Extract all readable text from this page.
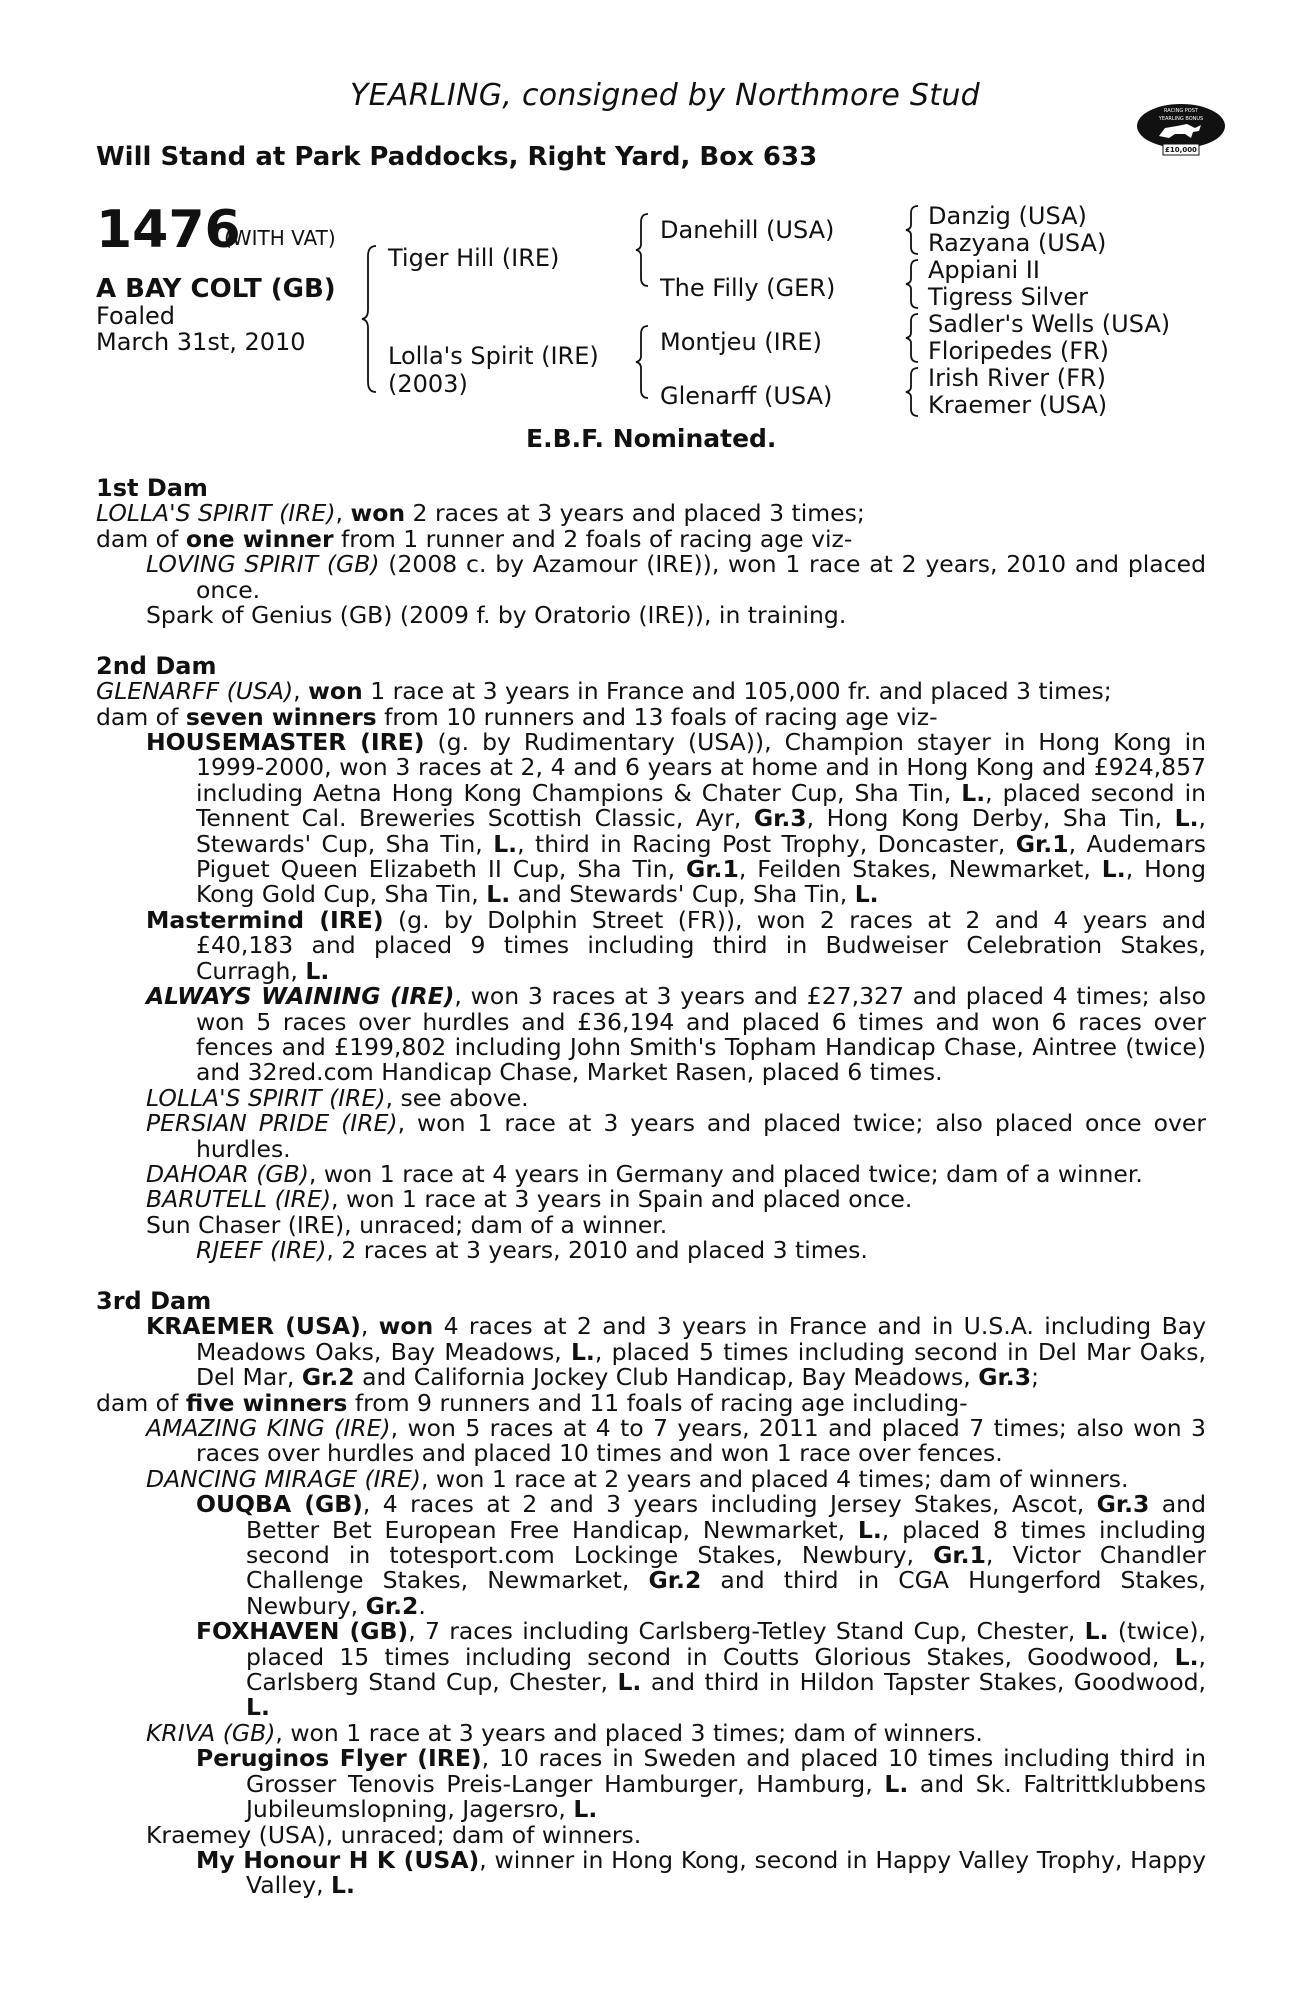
YEARLING, consigned by Northmore Stud
Will Stand at Park Paddocks, Right Yard, Box 633
RACING POST
YEARLING BONUS
£10,000
1476
(WITH VAT)
A BAY COLT (GB)
Foaled
March 31st, 2010
Tiger Hill (IRE)
Lolla's Spirit (IRE)
(2003)
Danehill (USA)
The Filly (GER)
Montjeu (IRE)
Glenarff (USA)
Danzig (USA)
Razyana (USA)
Appiani II
Tigress Silver
Sadler's Wells (USA)
Floripedes (FR)
Irish River (FR)
Kraemer (USA)
E.B.F. Nominated.

1st Dam

LOLLA'S SPIRIT (IRE), won 2 races at 3 years and placed 3 times;

dam of one winner from 1 runner and 2 foals of racing age viz-

LOVING SPIRIT (GB) (2008 c. by Azamour (IRE)), won 1 race at 2 years, 2010 and placed once.

Spark of Genius (GB) (2009 f. by Oratorio (IRE)), in training.

2nd Dam

GLENARFF (USA), won 1 race at 3 years in France and 105,000 fr. and placed 3 times;

dam of seven winners from 10 runners and 13 foals of racing age viz-

HOUSEMASTER (IRE) (g. by Rudimentary (USA)), Champion stayer in Hong Kong in 1999-2000, won 3 races at 2, 4 and 6 years at home and in Hong Kong and £924,857 including Aetna Hong Kong Champions & Chater Cup, Sha Tin, L., placed second in Tennent Cal. Breweries Scottish Classic, Ayr, Gr.3, Hong Kong Derby, Sha Tin, L., Stewards' Cup, Sha Tin, L., third in Racing Post Trophy, Doncaster, Gr.1, Audemars Piguet Queen Elizabeth II Cup, Sha Tin, Gr.1, Feilden Stakes, Newmarket, L., Hong Kong Gold Cup, Sha Tin, L. and Stewards' Cup, Sha Tin, L.

Mastermind (IRE) (g. by Dolphin Street (FR)), won 2 races at 2 and 4 years and £40,183 and placed 9 times including third in Budweiser Celebration Stakes, Curragh, L.

ALWAYS WAINING (IRE), won 3 races at 3 years and £27,327 and placed 4 times; also won 5 races over hurdles and £36,194 and placed 6 times and won 6 races over fences and £199,802 including John Smith's Topham Handicap Chase, Aintree (twice) and 32red.com Handicap Chase, Market Rasen, placed 6 times.

LOLLA'S SPIRIT (IRE), see above.

PERSIAN PRIDE (IRE), won 1 race at 3 years and placed twice; also placed once over hurdles.

DAHOAR (GB), won 1 race at 4 years in Germany and placed twice; dam of a winner.

BARUTELL (IRE), won 1 race at 3 years in Spain and placed once.

Sun Chaser (IRE), unraced; dam of a winner.

RJEEF (IRE), 2 races at 3 years, 2010 and placed 3 times.

3rd Dam

KRAEMER (USA), won 4 races at 2 and 3 years in France and in U.S.A. including Bay Meadows Oaks, Bay Meadows, L., placed 5 times including second in Del Mar Oaks, Del Mar, Gr.2 and California Jockey Club Handicap, Bay Meadows, Gr.3;

dam of five winners from 9 runners and 11 foals of racing age including-

AMAZING KING (IRE), won 5 races at 4 to 7 years, 2011 and placed 7 times; also won 3 races over hurdles and placed 10 times and won 1 race over fences.

DANCING MIRAGE (IRE), won 1 race at 2 years and placed 4 times; dam of winners.

OUQBA (GB), 4 races at 2 and 3 years including Jersey Stakes, Ascot, Gr.3 and Better Bet European Free Handicap, Newmarket, L., placed 8 times including second in totesport.com Lockinge Stakes, Newbury, Gr.1, Victor Chandler Challenge Stakes, Newmarket, Gr.2 and third in CGA Hungerford Stakes, Newbury, Gr.2.

FOXHAVEN (GB), 7 races including Carlsberg-Tetley Stand Cup, Chester, L. (twice), placed 15 times including second in Coutts Glorious Stakes, Goodwood, L., Carlsberg Stand Cup, Chester, L. and third in Hildon Tapster Stakes, Goodwood, L.

KRIVA (GB), won 1 race at 3 years and placed 3 times; dam of winners.

Peruginos Flyer (IRE), 10 races in Sweden and placed 10 times including third in Grosser Tenovis Preis-Langer Hamburger, Hamburg, L. and Sk. Faltrittklubbens Jubileumslopning, Jagersro, L.

Kraemey (USA), unraced; dam of winners.

My Honour H K (USA), winner in Hong Kong, second in Happy Valley Trophy, Happy Valley, L.
